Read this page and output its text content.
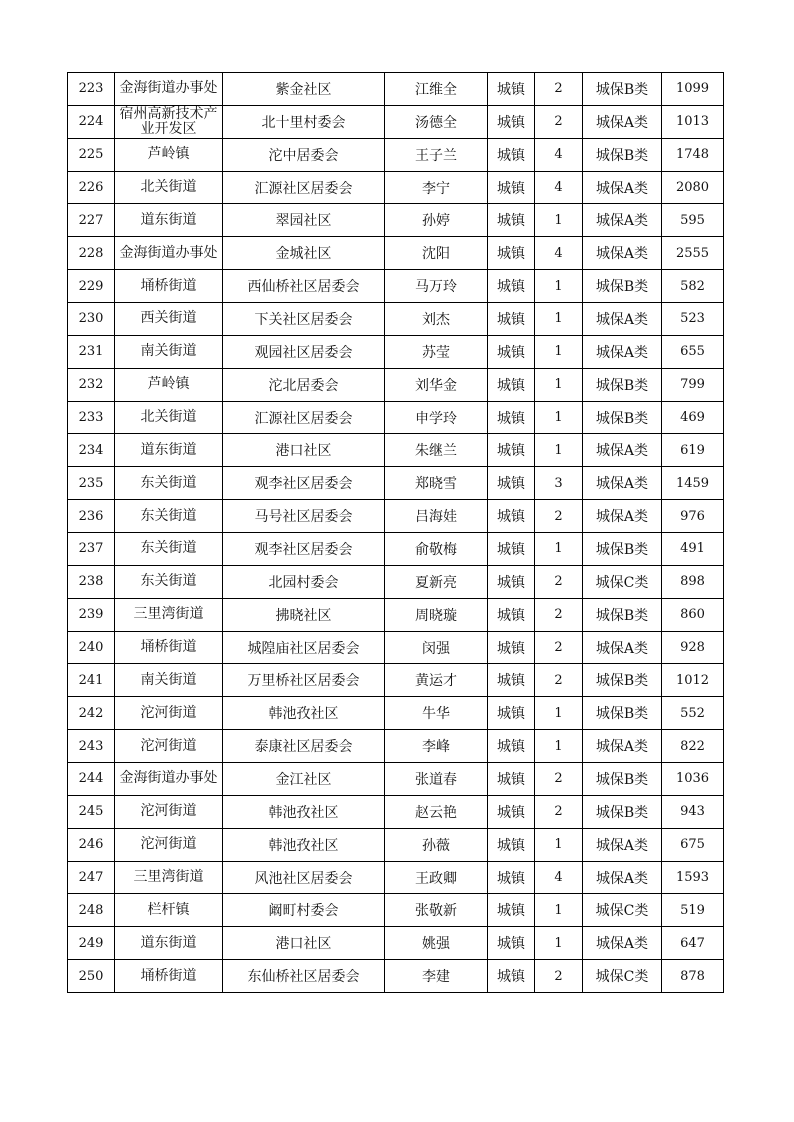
223	金海街道办事处	紫金社区	江维全	城镇	2	城保B类	1099
224	宿州高新技术产业开发区	北十里村委会	汤德全	城镇	2	城保A类	1013
225	芦岭镇	沱中居委会	王子兰	城镇	4	城保B类	1748
226	北关街道	汇源社区居委会	李宁	城镇	4	城保A类	2080
227	道东街道	翠园社区	孙婷	城镇	1	城保A类	595
228	金海街道办事处	金城社区	沈阳	城镇	4	城保A类	2555
229	埇桥街道	西仙桥社区居委会	马万玲	城镇	1	城保B类	582
230	西关街道	下关社区居委会	刘杰	城镇	1	城保A类	523
231	南关街道	观园社区居委会	苏莹	城镇	1	城保A类	655
232	芦岭镇	沱北居委会	刘华金	城镇	1	城保B类	799
233	北关街道	汇源社区居委会	申学玲	城镇	1	城保B类	469
234	道东街道	港口社区	朱继兰	城镇	1	城保A类	619
235	东关街道	观李社区居委会	郑晓雪	城镇	3	城保A类	1459
236	东关街道	马号社区居委会	吕海娃	城镇	2	城保A类	976
237	东关街道	观李社区居委会	俞敬梅	城镇	1	城保B类	491
238	东关街道	北园村委会	夏新亮	城镇	2	城保C类	898
239	三里湾街道	拂晓社区	周晓璇	城镇	2	城保B类	860
240	埇桥街道	城隍庙社区居委会	闵强	城镇	2	城保A类	928
241	南关街道	万里桥社区居委会	黄运才	城镇	2	城保B类	1012
242	沱河街道	韩池孜社区	牛华	城镇	1	城保B类	552
243	沱河街道	泰康社区居委会	李峰	城镇	1	城保A类	822
244	金海街道办事处	金江社区	张道春	城镇	2	城保B类	1036
245	沱河街道	韩池孜社区	赵云艳	城镇	2	城保B类	943
246	沱河街道	韩池孜社区	孙薇	城镇	1	城保A类	675
247	三里湾街道	风池社区居委会	王政卿	城镇	4	城保A类	1593
248	栏杆镇	阚町村委会	张敬新	城镇	1	城保C类	519
249	道东街道	港口社区	姚强	城镇	1	城保A类	647
250	埇桥街道	东仙桥社区居委会	李建	城镇	2	城保C类	878
